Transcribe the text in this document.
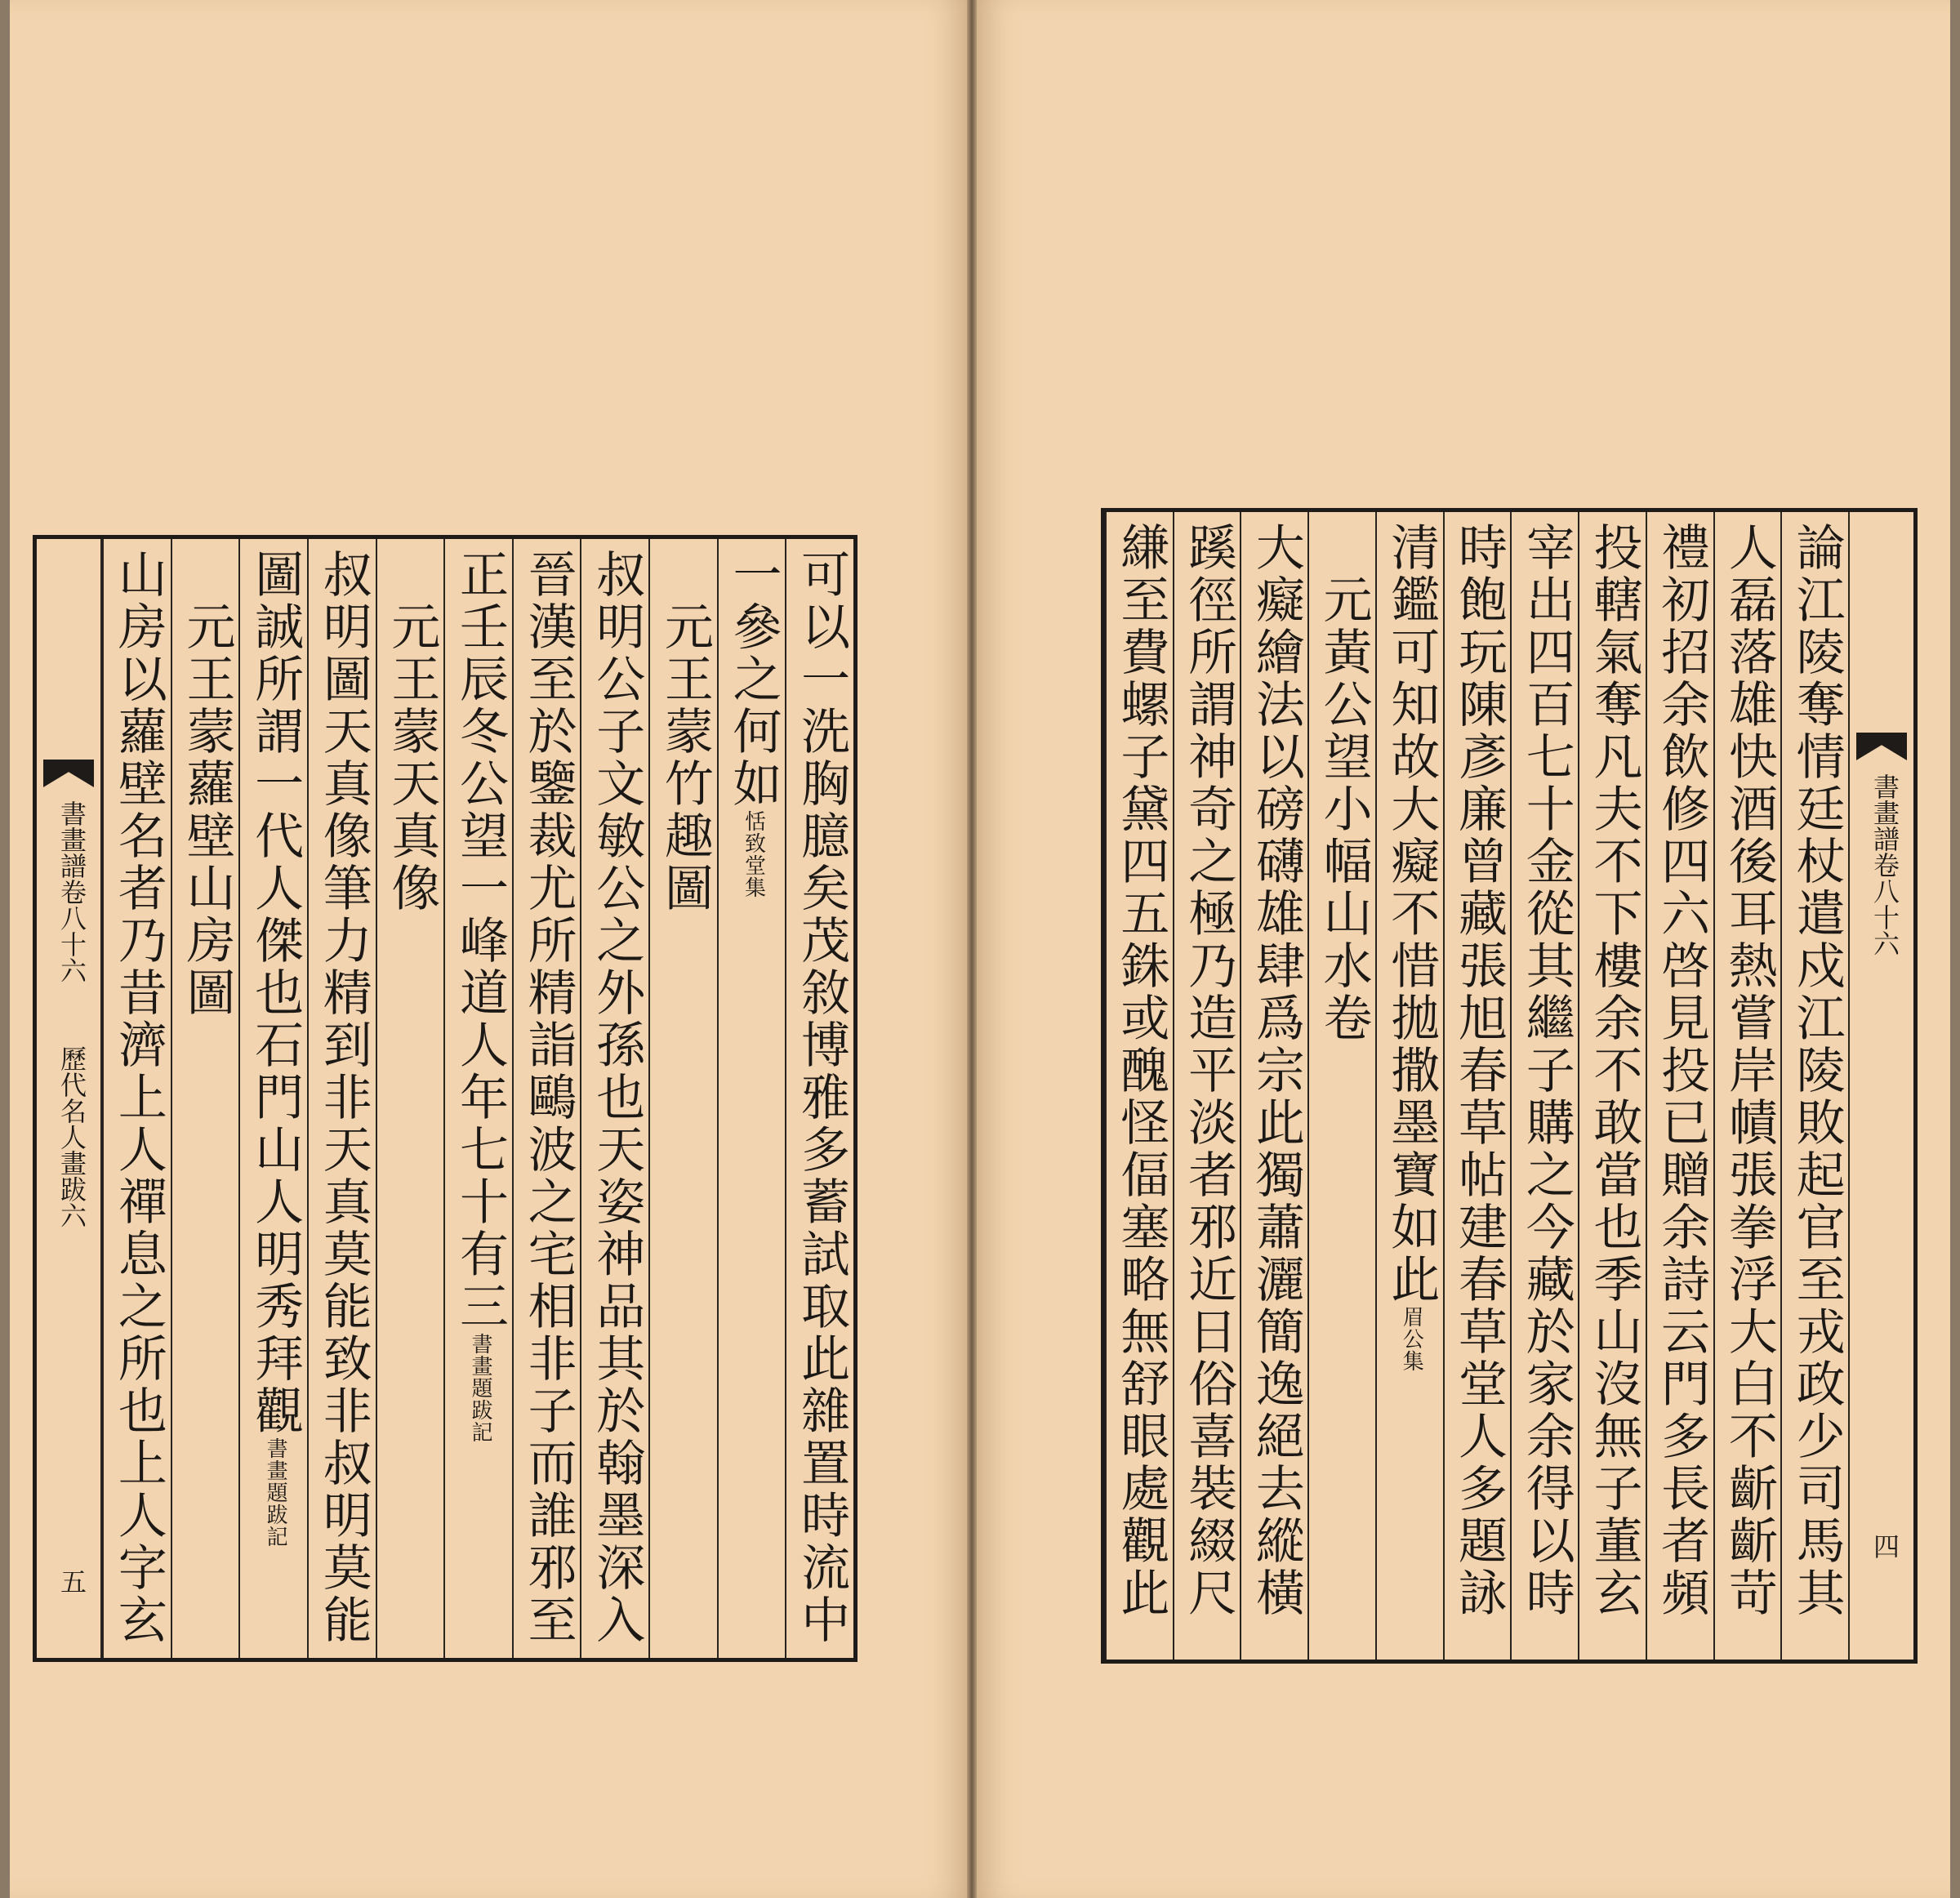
書畫譜卷八十六
歷代名人畫跋六
五	可以一洗胸臆矣茂敘博雅多蓄試取此雜置時流中
一參之何如恬致堂集
　元王蒙竹趣圖
叔明公子文敏公之外孫也天姿神品其於翰墨深入
晉漢至於鑒裁尤所精詣鷗波之宅相非子而誰邪至
正壬辰冬公望一峰道人年七十有三書畫題跋記
　元王蒙天真像
叔明圖天真像筆力精到非天真莫能致非叔明莫能
圖誠所謂一代人傑也石門山人明秀拜觀書畫題跋記
　元王蒙蘿壁山房圖
山房以蘿壁名者乃昔濟上人禪息之所也上人字玄	論江陵奪情廷杖遣戍江陵敗起官至戎政少司馬其
人磊落雄快酒後耳熱嘗岸幘張拳浮大白不齗齗苛
禮初招余飲修四六啓見投已贈余詩云門多長者頻
投轄氣奪凡夫不下樓余不敢當也季山沒無子董玄
宰出四百七十金從其繼子購之今藏於家余得以時
時飽玩陳彥廉曾藏張旭春草帖建春草堂人多題詠
清鑑可知故大癡不惜拋撒墨寶如此眉公集
　元黃公望小幅山水卷
大癡繪法以磅礴雄肆爲宗此獨蕭灑簡逸絕去縱橫
蹊徑所謂神奇之極乃造平淡者邪近日俗喜裝綴尺
縑至費螺子黛四五銖或醜怪偪塞略無舒眼處觀此	書畫譜卷八十六
四
